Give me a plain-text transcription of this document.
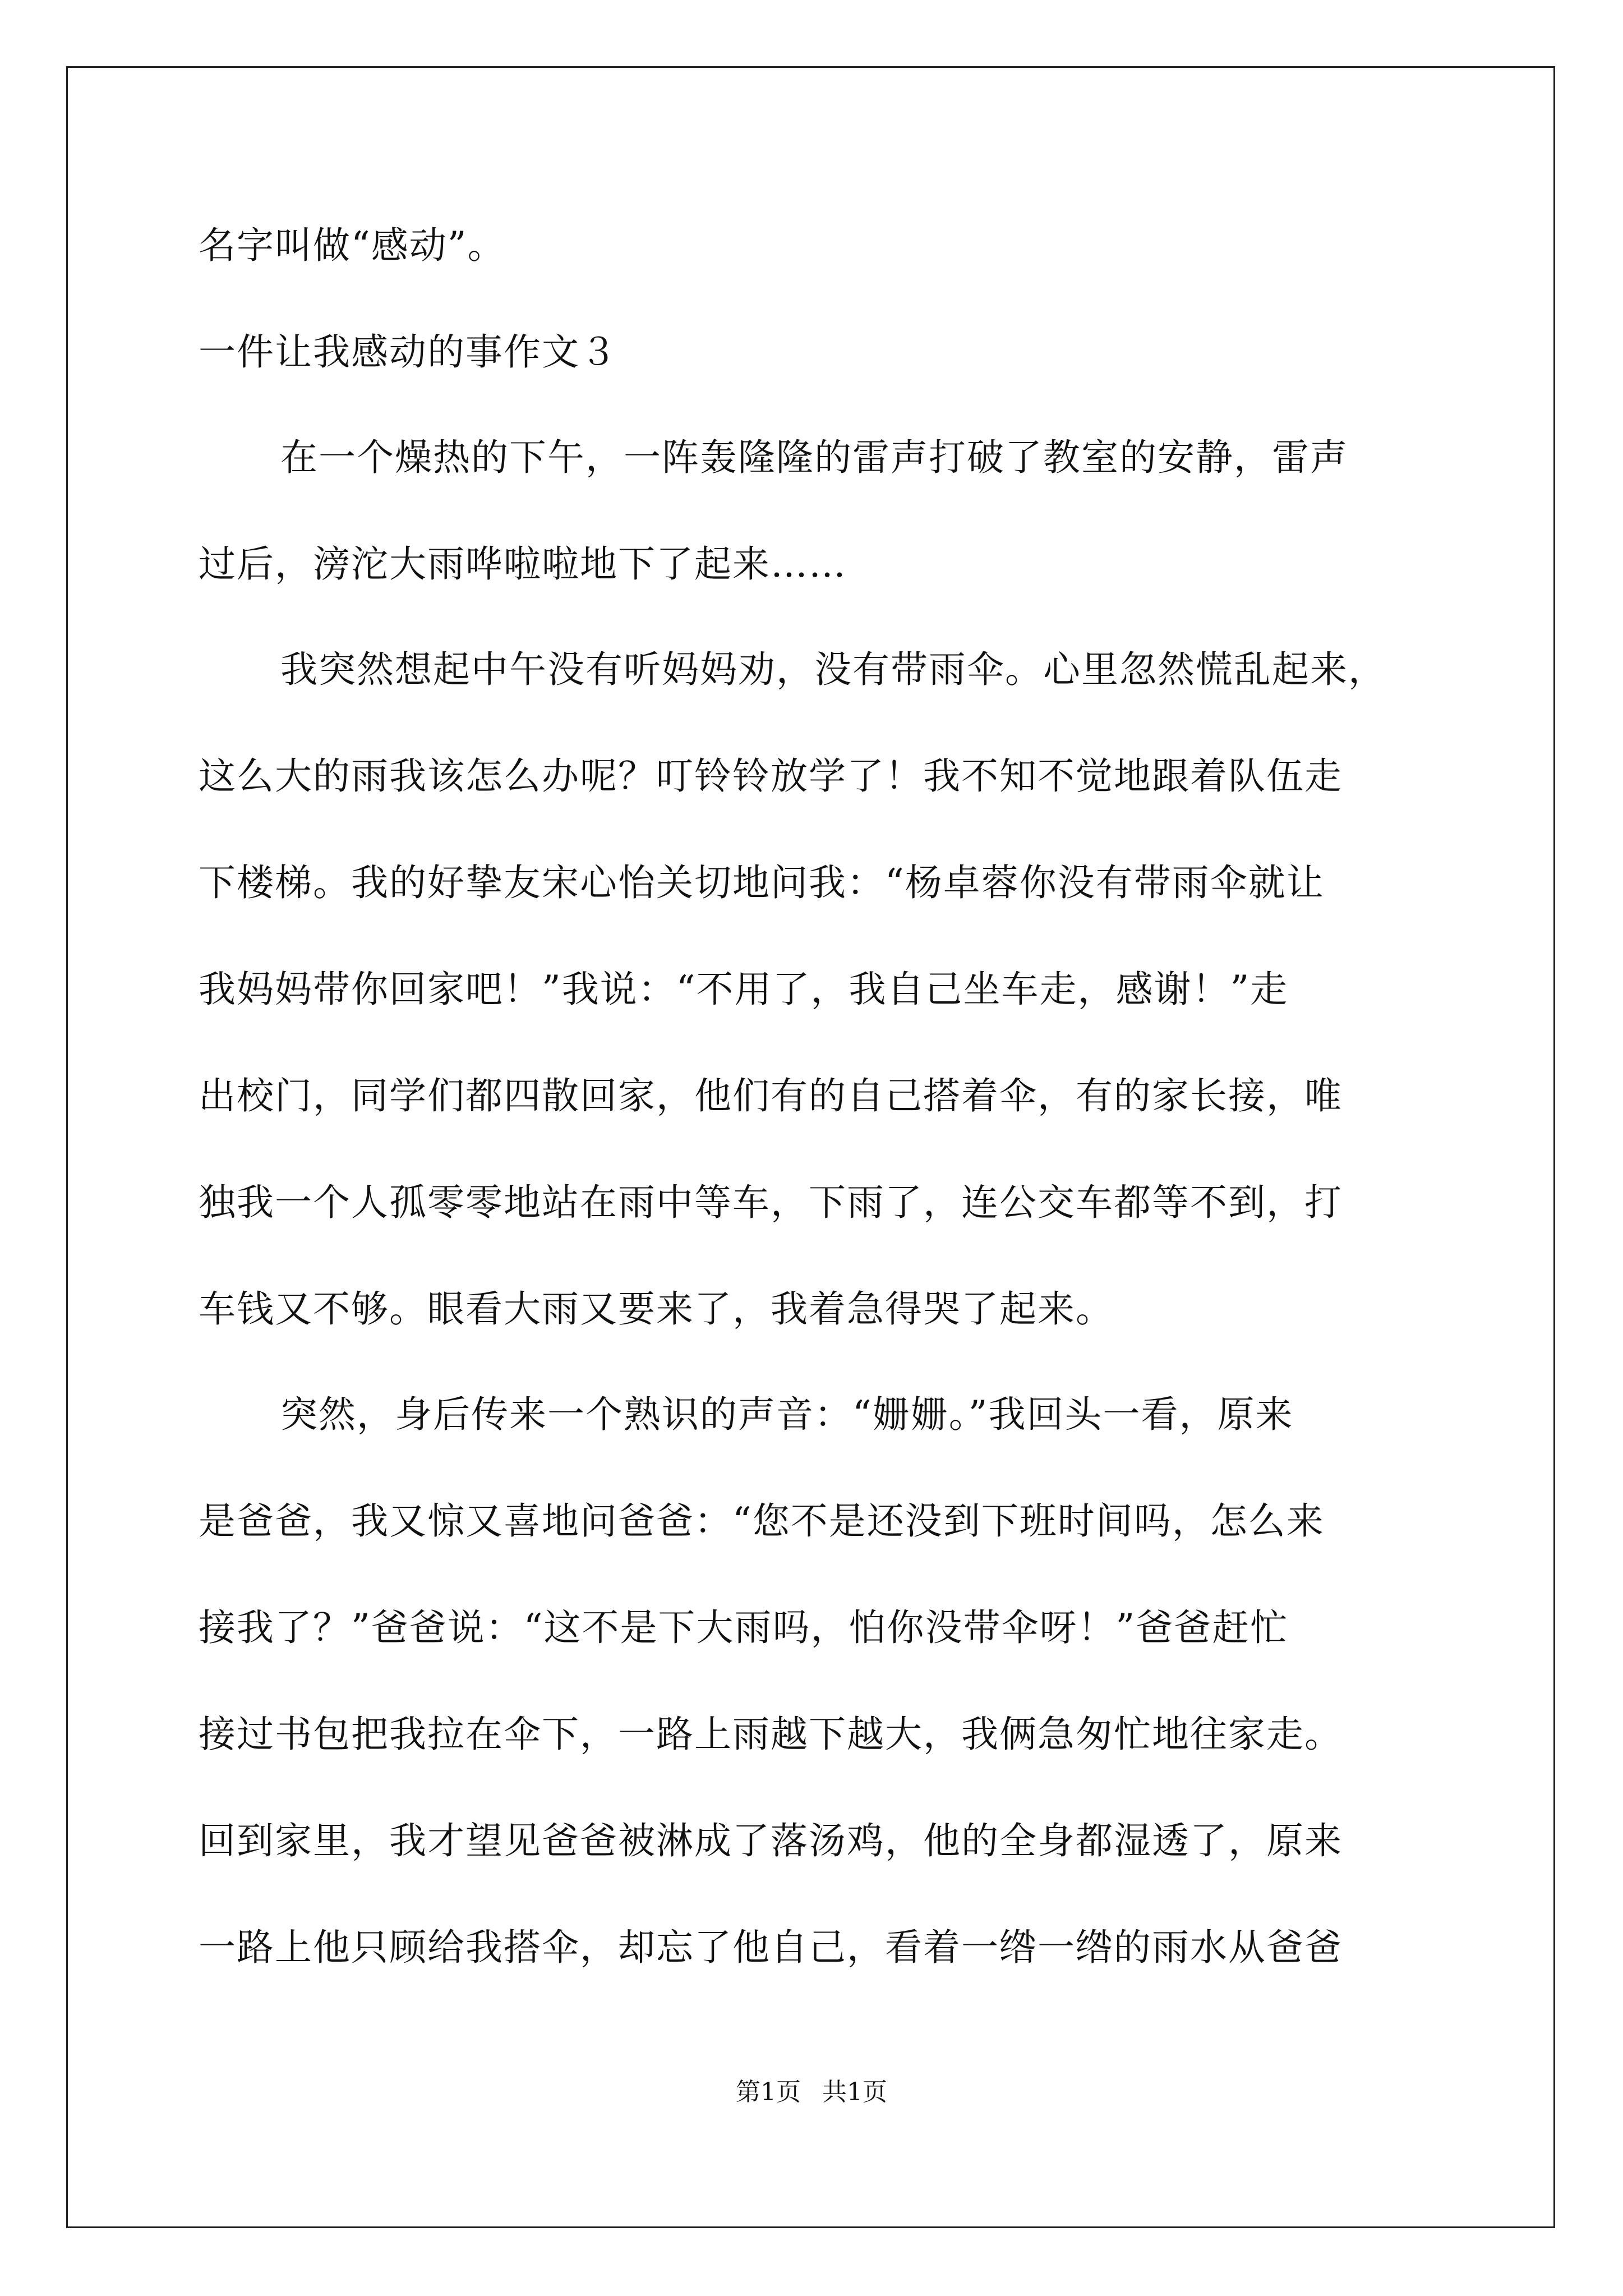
名字叫做“感动”。
一件让我感动的事作文３
在一个燥热的下午，一阵轰隆隆的雷声打破了教室的安静，雷声
过后，滂沱大雨哗啦啦地下了起来……
我突然想起中午没有听妈妈劝，没有带雨伞。心里忽然慌乱起来，
这么大的雨我该怎么办呢？叮铃铃放学了！我不知不觉地跟着队伍走
下楼梯。我的好挚友宋心怡关切地问我：“杨卓蓉你没有带雨伞就让
我妈妈带你回家吧！”我说：“不用了，我自己坐车走，感谢！”走
出校门，同学们都四散回家，他们有的自己搭着伞，有的家长接，唯
独我一个人孤零零地站在雨中等车，下雨了，连公交车都等不到，打
车钱又不够。眼看大雨又要来了，我着急得哭了起来。
突然，身后传来一个熟识的声音：“姗姗。”我回头一看，原来
是爸爸，我又惊又喜地问爸爸：“您不是还没到下班时间吗，怎么来
接我了？”爸爸说：“这不是下大雨吗，怕你没带伞呀！”爸爸赶忙
接过书包把我拉在伞下，一路上雨越下越大，我俩急匆忙地往家走。
回到家里，我才望见爸爸被淋成了落汤鸡，他的全身都湿透了，原来
一路上他只顾给我搭伞，却忘了他自己，看着一绺一绺的雨水从爸爸
第1页 共1页
